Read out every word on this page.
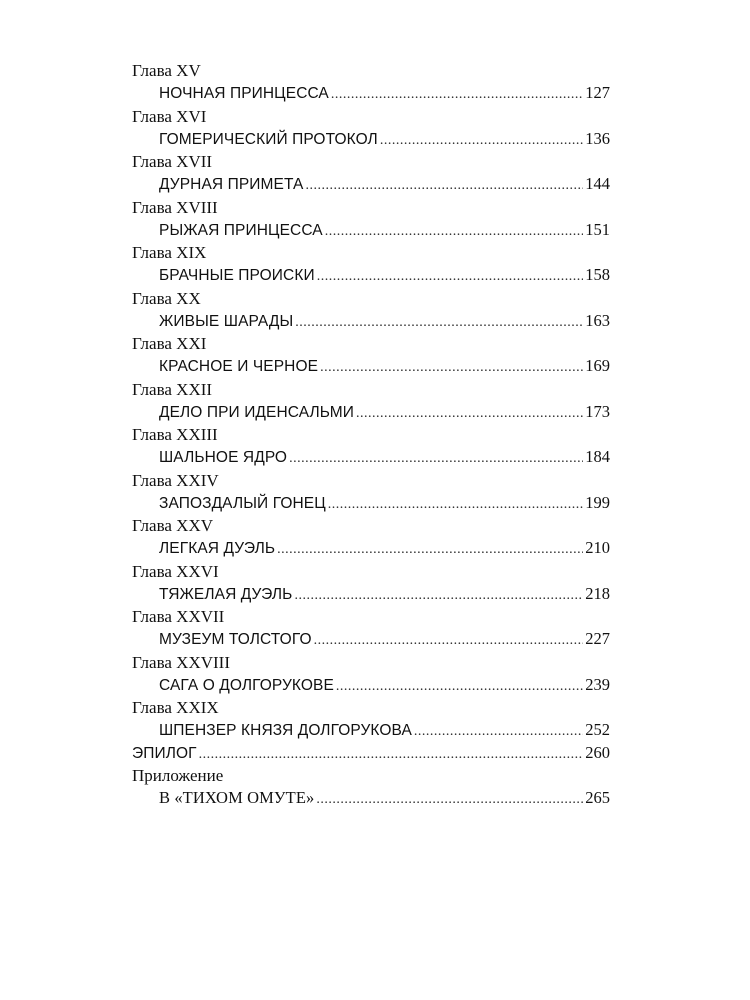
Глава XV
НОЧНАЯ ПРИНЦЕССА .....	127
Глава XVI
ГОМЕРИЧЕСКИЙ ПРОТОКОЛ .....	136
Глава XVII
ДУРНАЯ ПРИМЕТА .....	144
Глава XVIII
РЫЖАЯ ПРИНЦЕССА .....	151
Глава XIX
БРАЧНЫЕ ПРОИСКИ .....	158
Глава XX
ЖИВЫЕ ШАРАДЫ .....	163
Глава XXI
КРАСНОЕ И ЧЕРНОЕ .....	169
Глава XXII
ДЕЛО ПРИ ИДЕНСАЛЬМИ .....	173
Глава XXIII
ШАЛЬНОЕ ЯДРО .....	184
Глава XXIV
ЗАПОЗДАЛЫЙ ГОНЕЦ .....	199
Глава XXV
ЛЕГКАЯ ДУЭЛЬ .....	210
Глава XXVI
ТЯЖЕЛАЯ ДУЭЛЬ .....	218
Глава XXVII
МУЗЕУМ ТОЛСТОГО .....	227
Глава XXVIII
САГА О ДОЛГОРУКОВЕ .....	239
Глава XXIX
ШПЕНЗЕР КНЯЗЯ ДОЛГОРУКОВА .....	252
ЭПИЛОГ .....	260
Приложение
В «ТИХОМ ОМУТЕ» .....	265
